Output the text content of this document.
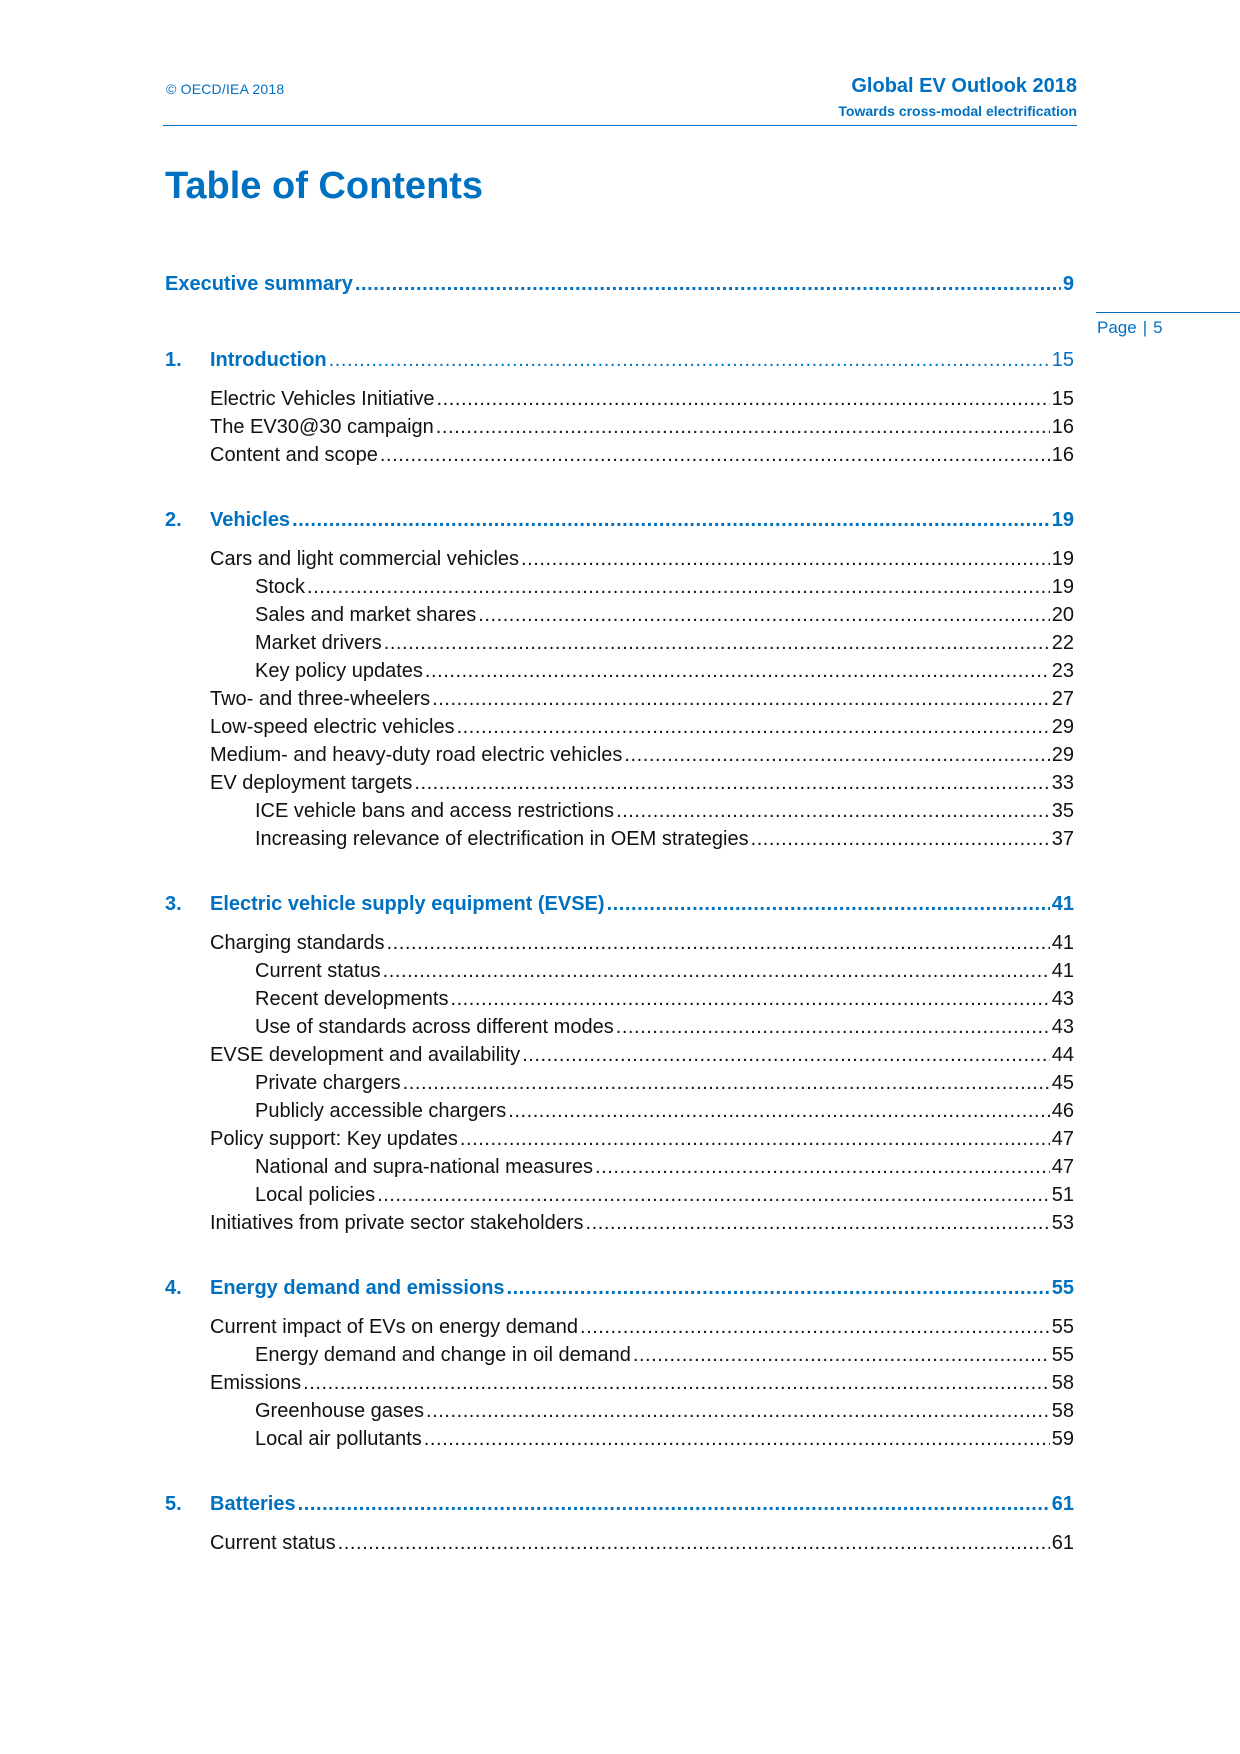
© OECD/IEA 2018	Global EV Outlook 2018
Towards cross-modal electrification
Table of Contents
Page | 5
Executive summary . . .	9
1.	Introduction . . .	15
Electric Vehicles Initiative . . .	15
The EV30@30 campaign . . .	16
Content and scope . . .	16
2.	Vehicles . . .	19
Cars and light commercial vehicles . . .	19
Stock . . .	19
Sales and market shares . . .	20
Market drivers . . .	22
Key policy updates . . .	23
Two- and three-wheelers . . .	27
Low-speed electric vehicles . . .	29
Medium- and heavy-duty road electric vehicles . . .	29
EV deployment targets . . .	33
ICE vehicle bans and access restrictions . . .	35
Increasing relevance of electrification in OEM strategies . . .	37
3.	Electric vehicle supply equipment (EVSE) . . .	41
Charging standards . . .	41
Current status . . .	41
Recent developments . . .	43
Use of standards across different modes . . .	43
EVSE development and availability . . .	44
Private chargers . . .	45
Publicly accessible chargers . . .	46
Policy support: Key updates . . .	47
National and supra-national measures . . .	47
Local policies . . .	51
Initiatives from private sector stakeholders . . .	53
4.	Energy demand and emissions . . .	55
Current impact of EVs on energy demand . . .	55
Energy demand and change in oil demand . . .	55
Emissions . . .	58
Greenhouse gases . . .	58
Local air pollutants . . .	59
5.	Batteries . . .	61
Current status . . .	61
